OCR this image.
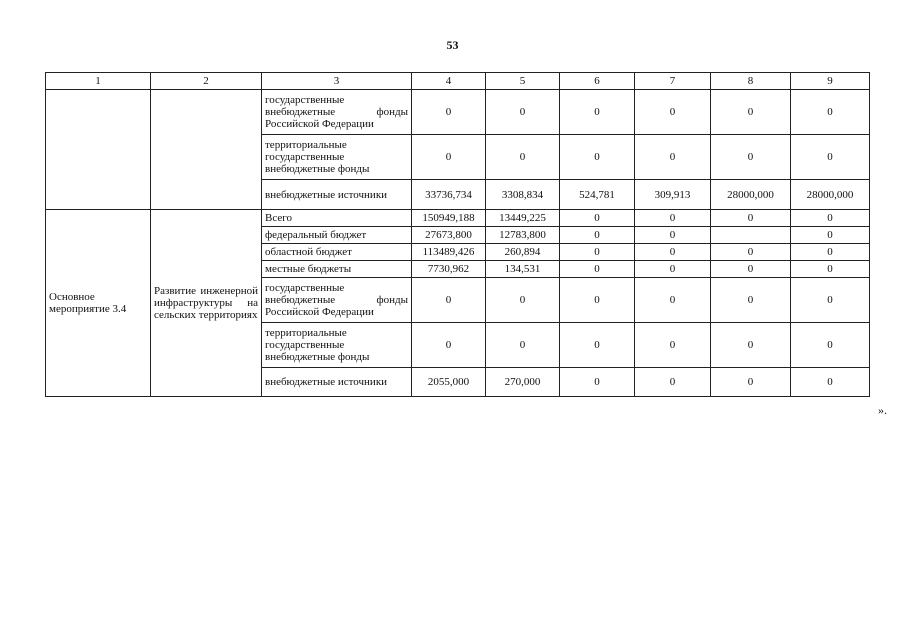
53
1	2	3	4	5	6	7	8	9
		государственные внебюджетные фонды Российской Федерации	0	0	0	0	0	0
		территориальные государственные внебюджетные фонды	0	0	0	0	0	0
		внебюджетные источники	33736,734	3308,834	524,781	309,913	28000,000	28000,000
Основное мероприятие 3.4	Развитие инженерной инфраструктуры на сельских территориях	Всего	150949,188	13449,225	0	0	0	0
		федеральный бюджет	27673,800	12783,800	0	0		0
		областной бюджет	113489,426	260,894	0	0	0	0
		местные бюджеты	7730,962	134,531	0	0	0	0
		государственные внебюджетные фонды Российской Федерации	0	0	0	0	0	0
		территориальные государственные внебюджетные фонды	0	0	0	0	0	0
		внебюджетные источники	2055,000	270,000	0	0	0	0
».
